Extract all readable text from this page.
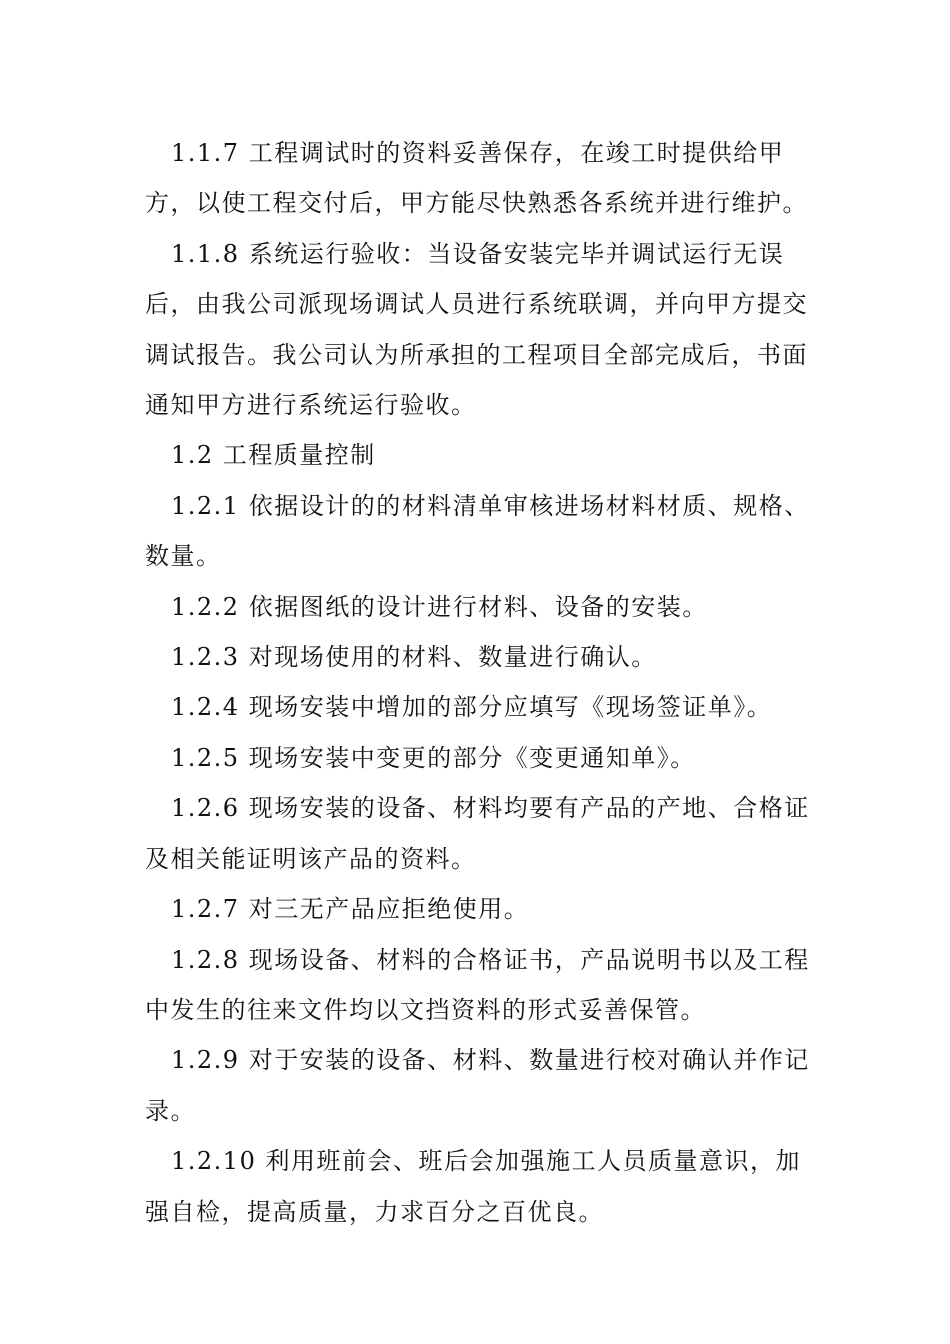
1.1.7 工程调试时的资料妥善保存，在竣工时提供给甲方，以使工程交付后，甲方能尽快熟悉各系统并进行维护。

1.1.8 系统运行验收：当设备安装完毕并调试运行无误后，由我公司派现场调试人员进行系统联调，并向甲方提交调试报告。我公司认为所承担的工程项目全部完成后，书面通知甲方进行系统运行验收。

1.2 工程质量控制

1.2.1 依据设计的的材料清单审核进场材料材质、规格、数量。

1.2.2 依据图纸的设计进行材料、设备的安装。

1.2.3 对现场使用的材料、数量进行确认。

1.2.4 现场安装中增加的部分应填写《现场签证单》。

1.2.5 现场安装中变更的部分《变更通知单》。

1.2.6 现场安装的设备、材料均要有产品的产地、合格证及相关能证明该产品的资料。

1.2.7 对三无产品应拒绝使用。

1.2.8 现场设备、材料的合格证书，产品说明书以及工程中发生的往来文件均以文挡资料的形式妥善保管。

1.2.9 对于安装的设备、材料、数量进行校对确认并作记录。

1.2.10 利用班前会、班后会加强施工人员质量意识，加强自检，提高质量，力求百分之百优良。
